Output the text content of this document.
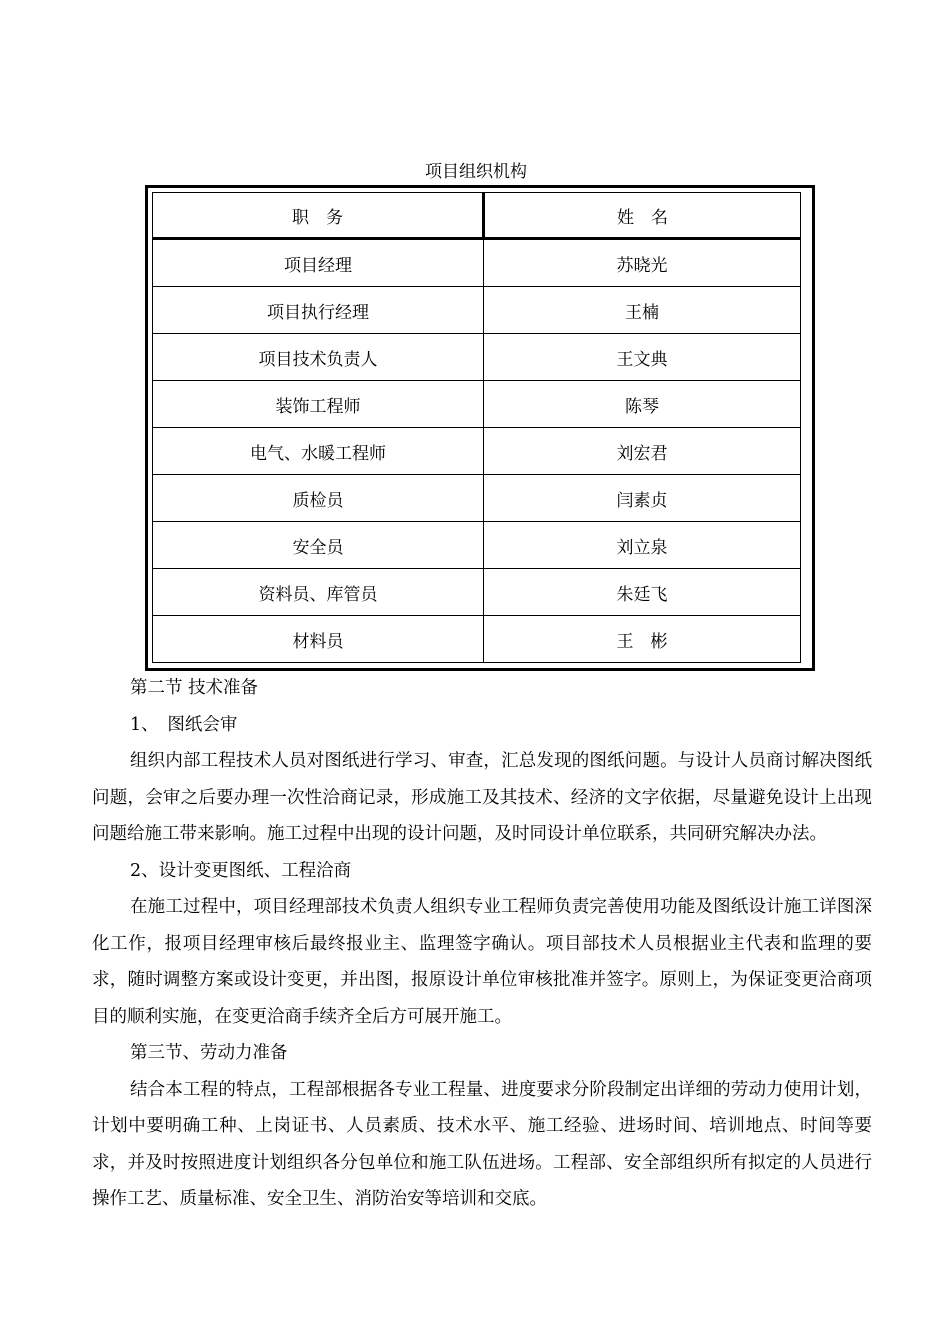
项目组织机构
职　务	姓　名
项目经理	苏晓光
项目执行经理	王楠
项目技术负责人	王文典
装饰工程师	陈琴
电气、水暖工程师	刘宏君
质检员	闫素贞
安全员	刘立泉
资料员、库管员	朱廷飞
材料员	王　彬

第二节 技术准备

1、　图纸会审

组织内部工程技术人员对图纸进行学习、审查，汇总发现的图纸问题。与设计人员商讨解决图纸问题，会审之后要办理一次性洽商记录，形成施工及其技术、经济的文字依据，尽量避免设计上出现问题给施工带来影响。施工过程中出现的设计问题，及时同设计单位联系，共同研究解决办法。

2、设计变更图纸、工程洽商

在施工过程中，项目经理部技术负责人组织专业工程师负责完善使用功能及图纸设计施工详图深化工作，报项目经理审核后最终报业主、监理签字确认。项目部技术人员根据业主代表和监理的要求，随时调整方案或设计变更，并出图，报原设计单位审核批准并签字。原则上，为保证变更洽商项目的顺利实施，在变更洽商手续齐全后方可展开施工。

第三节、劳动力准备

结合本工程的特点，工程部根据各专业工程量、进度要求分阶段制定出详细的劳动力使用计划，计划中要明确工种、上岗证书、人员素质、技术水平、施工经验、进场时间、培训地点、时间等要求，并及时按照进度计划组织各分包单位和施工队伍进场。工程部、安全部组织所有拟定的人员进行操作工艺、质量标准、安全卫生、消防治安等培训和交底。
